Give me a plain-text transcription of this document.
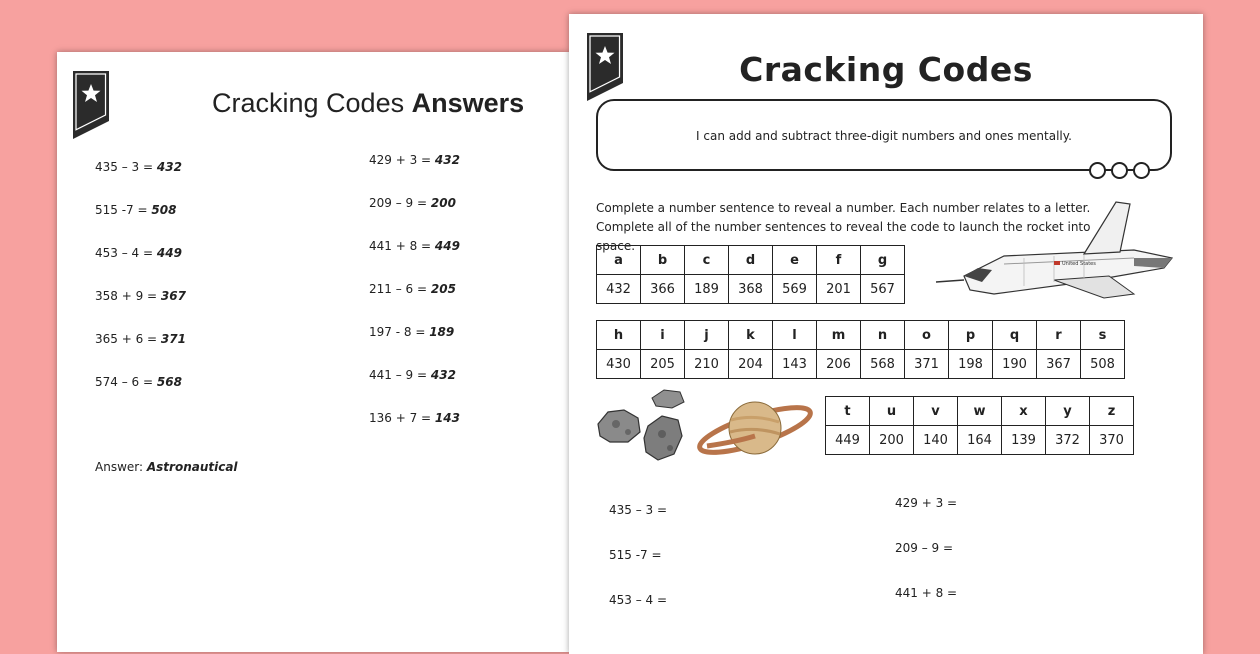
Cracking Codes Answers
435 – 3 = 432
515 -7 = 508
453 – 4 = 449
358 + 9 = 367
365 + 6 = 371
574 – 6 = 568
429 + 3 = 432
209 – 9 = 200
441 + 8 = 449
211 – 6 = 205
197 - 8 = 189
441 – 9 = 432
136 + 7 = 143
Answer: Astronautical
Cracking Codes
I can add and subtract three-digit numbers and ones mentally.
Complete a number sentence to reveal a number. Each number relates to a letter.
Complete all of the number sentences to reveal the code to launch the rocket into space.
a	b	c	d	e	f	g
432	366	189	368	569	201	567
h	i	j	k	l	m	n	o	p	q	r	s
430	205	210	204	143	206	568	371	198	190	367	508
t	u	v	w	x	y	z
449	200	140	164	139	372	370
United States
435 – 3 =
515 -7 =
453 – 4 =
429 + 3 =
209 – 9 =
441 + 8 =
